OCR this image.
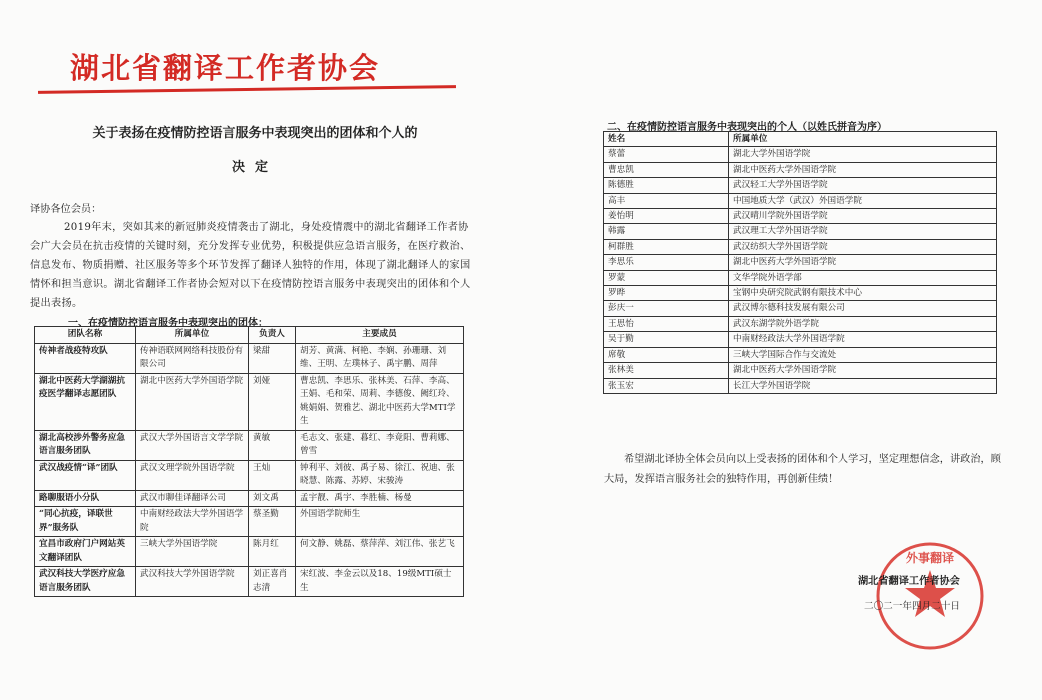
湖北省翻译工作者协会
关于表扬在疫情防控语言服务中表现突出的团体和个人的
决定
译协各位会员：
2019年末，突如其来的新冠肺炎疫情袭击了湖北，身处疫情震中的湖北省翻译工作者协会广大会员在抗击疫情的关键时刻，充分发挥专业优势，积极提供应急语言服务，在医疗救治、信息发布、物质捐赠、社区服务等多个环节发挥了翻译人独特的作用，体现了湖北翻译人的家国情怀和担当意识。湖北省翻译工作者协会短对以下在疫情防控语言服务中表现突出的团体和个人提出表扬。
一、在疫情防控语言服务中表现突出的团体：
团队名称	所属单位	负责人	主要成员
传神者战疫特攻队	传神语联网网络科技股份有限公司	梁甜	胡芳、黄满、柯艳、李娴、孙珊珊、刘维、王明、左璞林子、禹宇鹏、周萍
湖北中医药大学湖湖抗疫医学翻译志愿团队	湖北中医药大学外国语学院	刘娅	曹忠凯、李思乐、张林美、石萍、李高、王娟、毛和荣、周莉、李德俊、阙红玲、姚娟娟、贺雅艺、湖北中医药大学MTI学生
湖北高校涉外警务应急语言服务团队	武汉大学外国语言文学学院	黄敏	毛志文、张建、暮红、李竟阳、曹莉娜、曾雪
武汉战疫情“译”团队	武汉文理学院外国语学院	王灿	钟利平、刘彼、禹子易、徐江、祝迪、张晓慧、陈露、苏婷、宋骏涛
路聊服语小分队	武汉市聊佳译翻译公司	刘文禹	孟宇靓、禹宇、李胜楠、杨曼
“同心抗疫，译联世界”服务队	中南财经政法大学外国语学院	蔡圣勤	外国语学院师生
宜昌市政府门户网站英文翻译团队	三峡大学外国语学院	陈月红	何文静、姚磊、蔡萍萍、刘江伟、张艺飞
武汉科技大学医疗应急语言服务团队	武汉科技大学外国语学院	刘正喜肖志清	宋红波、李金云以及18、19级MTI硕士生
二、在疫情防控语言服务中表现突出的个人（以姓氏拼音为序）
姓名	所属单位
蔡蕾	湖北大学外国语学院
曹忠凯	湖北中医药大学外国语学院
陈德胜	武汉轻工大学外国语学院
高丰	中国地质大学（武汉）外国语学院
姜怡明	武汉晴川学院外国语学院
韩露	武汉理工大学外国语学院
柯群胜	武汉纺织大学外国语学院
李思乐	湖北中医药大学外国语学院
罗蒙	文华学院外语学部
罗晔	宝钢中央研究院武钢有限技术中心
彭庆一	武汉博尔德科技发展有限公司
王思怡	武汉东湖学院外语学院
吴于勤	中南财经政法大学外国语学院
席敬	三峡大学国际合作与交流处
张林美	湖北中医药大学外国语学院
张玉宏	长江大学外国语学院
希望湖北译协全体会员向以上受表扬的团体和个人学习，坚定理想信念，讲政治，顾大局，发挥语言服务社会的独特作用，再创新佳绩！
外事翻译
湖北省翻译工作者协会
二〇二一年四月二十日
